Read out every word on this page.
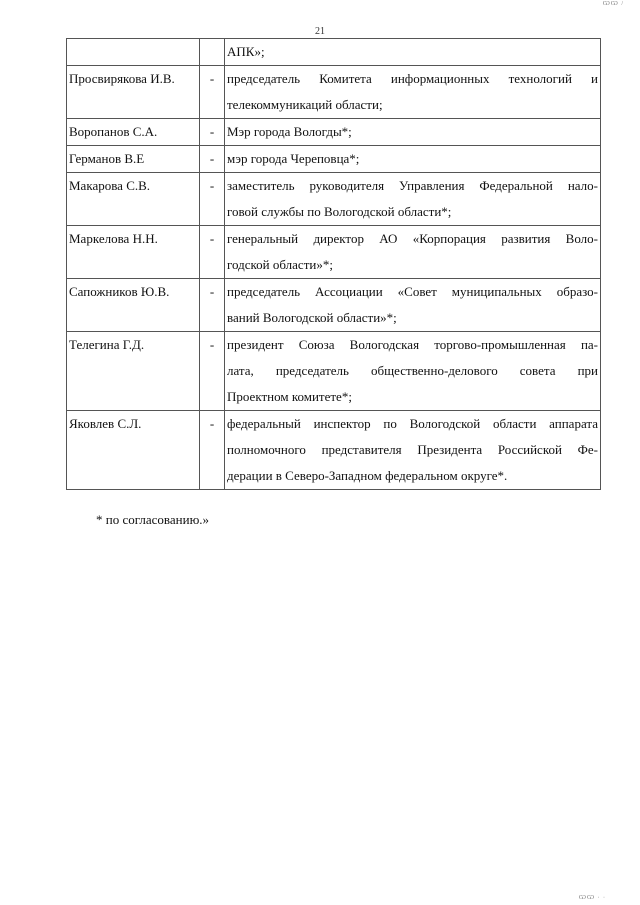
21
ѠѠ /

		АПК»;

Просвирякова И.В.	-	председатель Комитета информационных технологий и
телекоммуникаций области;

Воропанов С.А.	-	Мэр города Вологды*;

Германов В.Е	-	мэр города Череповца*;

Макарова С.В.	-	заместитель руководителя Управления Федеральной нало-
говой службы по Вологодской области*;

Маркелова Н.Н.	-	генеральный директор АО «Корпорация развития Воло-
годской области»*;

Сапожников Ю.В.	-	председатель Ассоциации «Совет муниципальных образо-
ваний Вологодской области»*;

Телегина Г.Д.	-	президент Союза Вологодская торгово-промышленная па-
лата, председатель общественно-делового совета при
Проектном комитете*;

Яковлев С.Л.	-	федеральный инспектор по Вологодской области аппарата
полномочного представителя Президента Российской Фе-
дерации в Северо-Западном федеральном округе*.
* по согласованию.»
ѠѠ · ·
